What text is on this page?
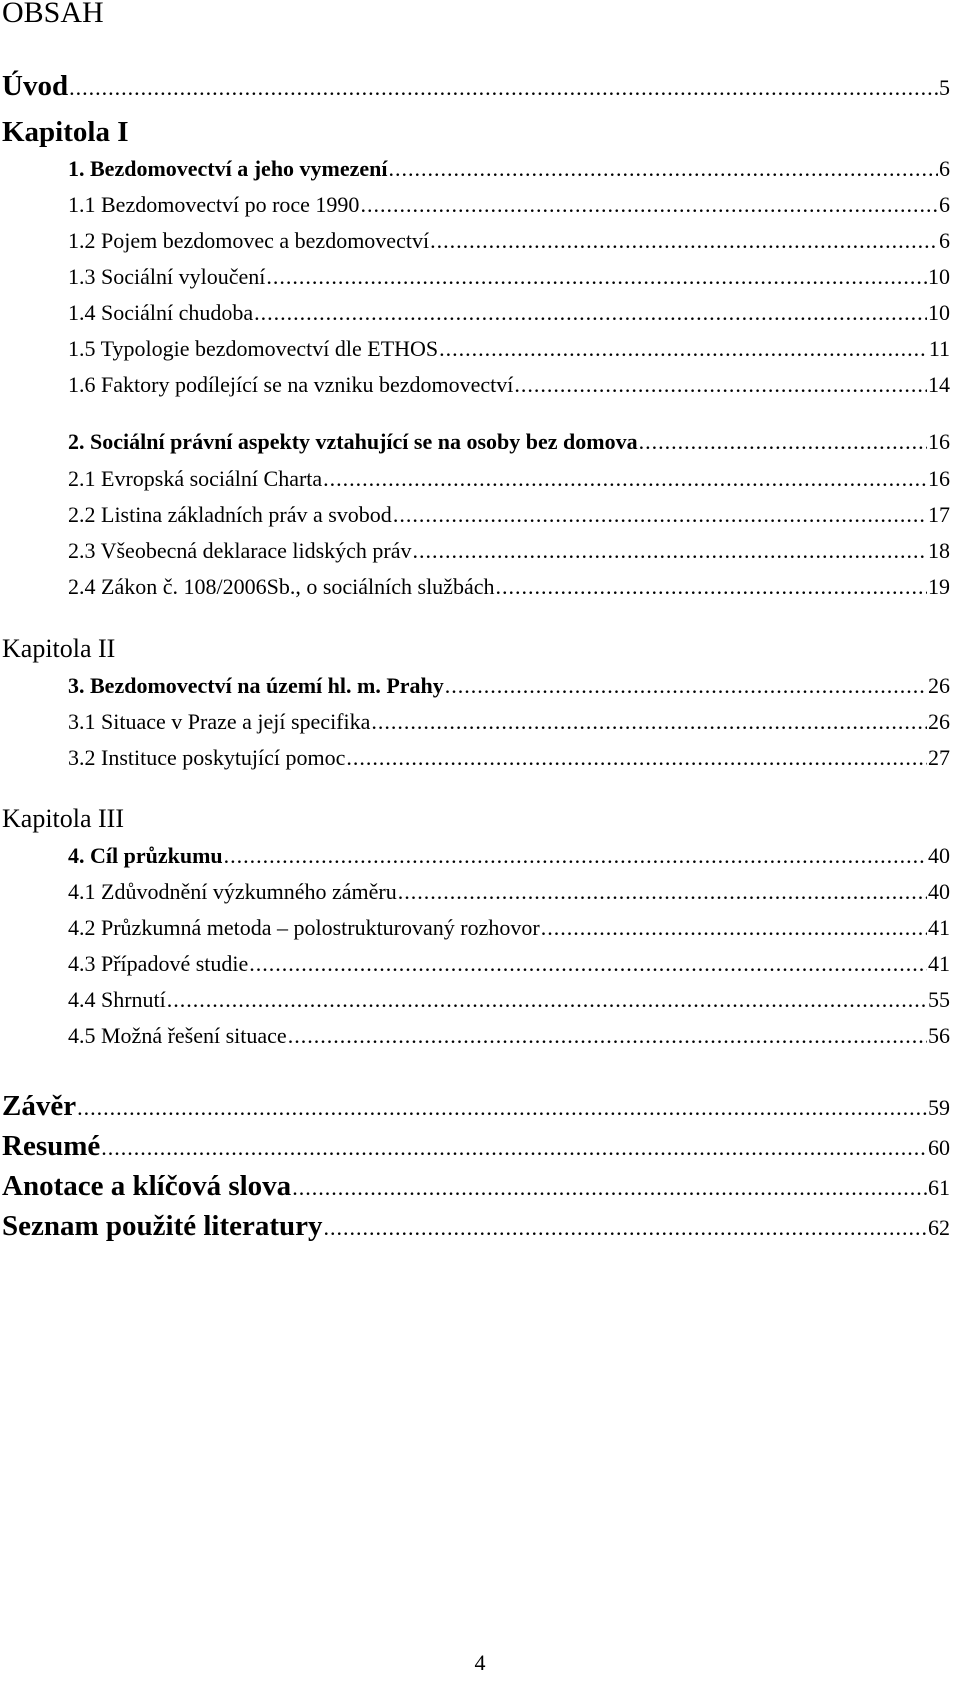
OBSAH
Úvod .....	5
Kapitola I
1. Bezdomovectví a jeho vymezení .....	6
1.1 Bezdomovectví po roce 1990 .....	6
1.2 Pojem bezdomovec a bezdomovectví .....	6
1.3 Sociální vyloučení .....	10
1.4 Sociální chudoba .....	10
1.5 Typologie bezdomovectví dle ETHOS .....	11
1.6 Faktory podílející se na vzniku bezdomovectví .....	14
2. Sociální právní aspekty vztahující se na osoby bez domova .....	16
2.1 Evropská sociální Charta .....	16
2.2 Listina základních práv a svobod .....	17
2.3 Všeobecná deklarace lidských práv .....	18
2.4 Zákon č. 108/2006Sb., o sociálních službách .....	19
Kapitola II
3. Bezdomovectví na území hl. m. Prahy .....	26
3.1 Situace v Praze a její specifika .....	26
3.2 Instituce poskytující pomoc .....	27
Kapitola III
4. Cíl průzkumu .....	40
4.1 Zdůvodnění výzkumného záměru .....	40
4.2 Průzkumná metoda – polostrukturovaný rozhovor .....	41
4.3 Případové studie .....	41
4.4 Shrnutí .....	55
4.5 Možná řešení situace .....	56
Závěr .....	59
Resumé .....	60
Anotace a klíčová slova .....	61
Seznam použité literatury .....	62
4
